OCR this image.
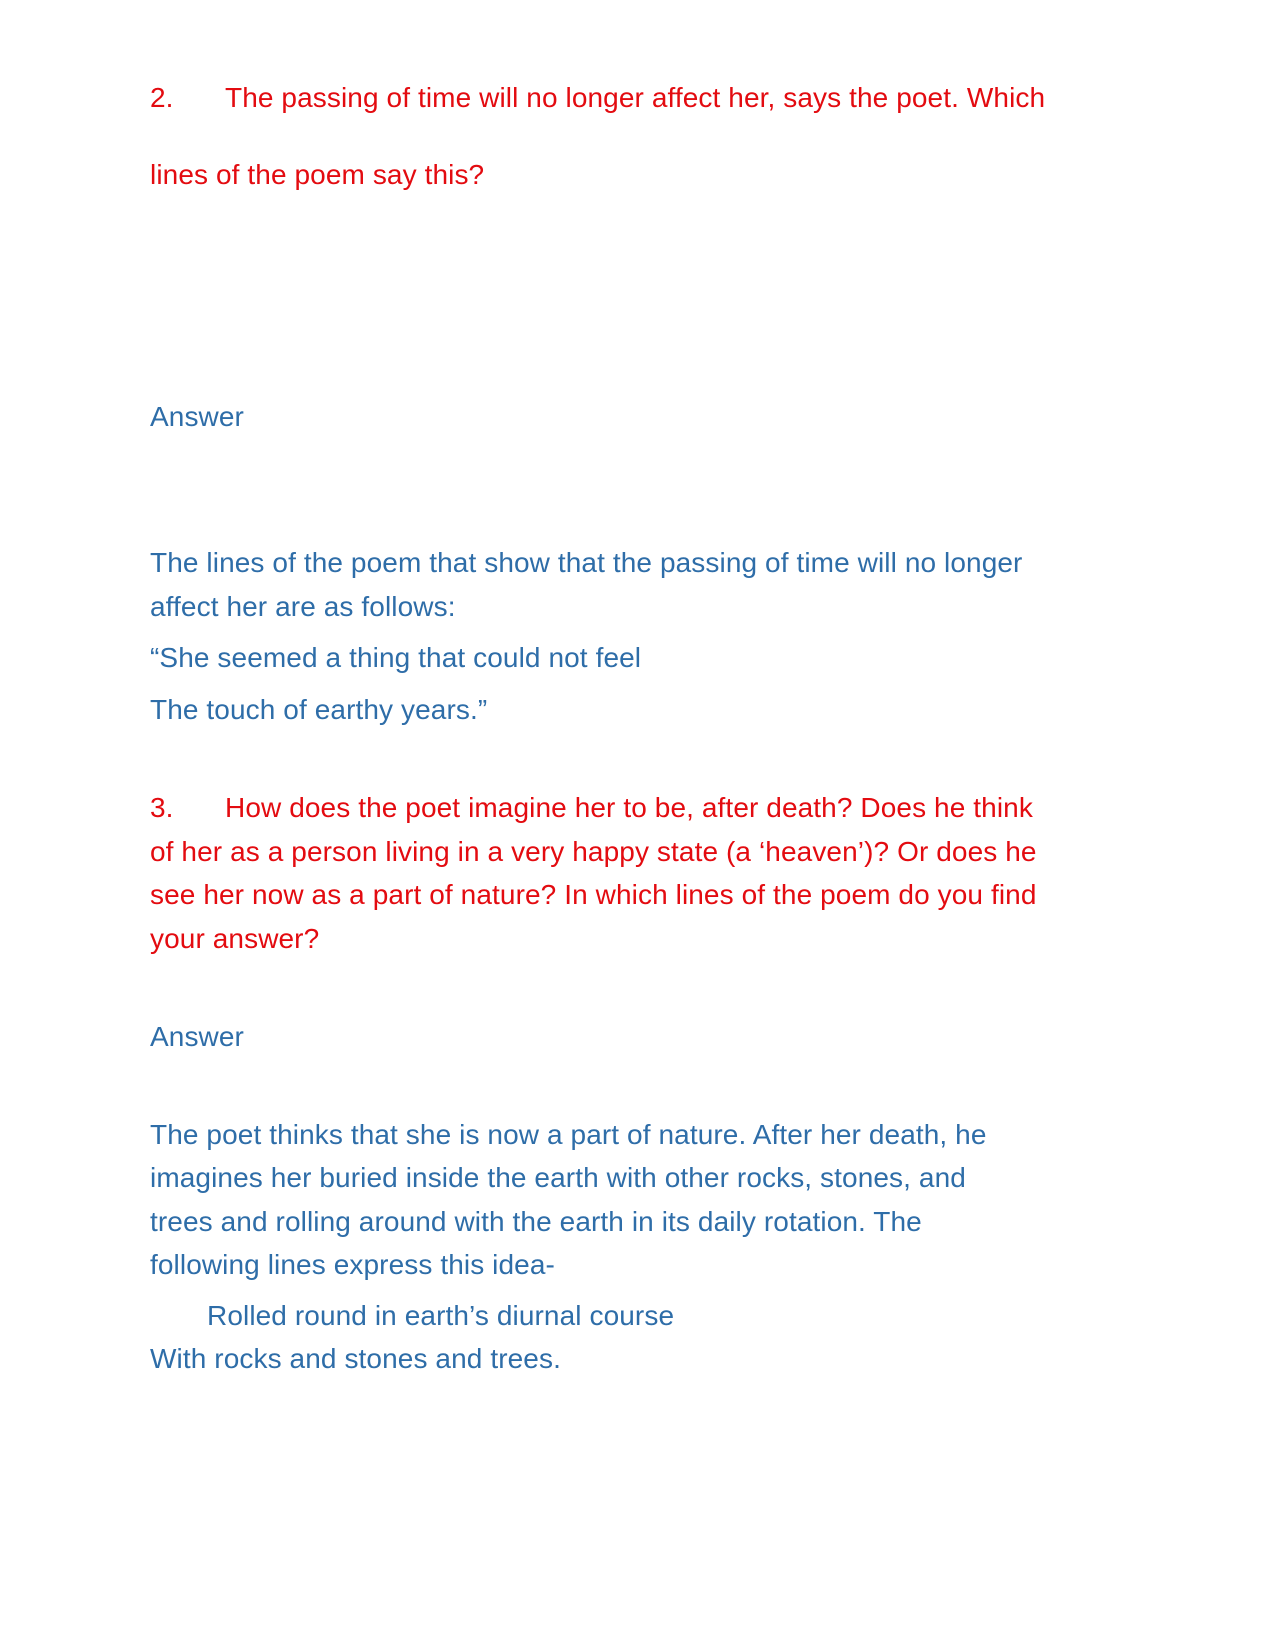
2. The passing of time will no longer affect her, says the poet. Which
lines of the poem say this?
Answer
The lines of the poem that show that the passing of time will no longer
affect her are as follows:
“She seemed a thing that could not feel
The touch of earthy years.”
3. How does the poet imagine her to be, after death? Does he think
of her as a person living in a very happy state (a ‘heaven’)? Or does he
see her now as a part of nature? In which lines of the poem do you find
your answer?
Answer
The poet thinks that she is now a part of nature. After her death, he
imagines her buried inside the earth with other rocks, stones, and
trees and rolling around with the earth in its daily rotation. The
following lines express this idea-
Rolled round in earth’s diurnal course
With rocks and stones and trees.
